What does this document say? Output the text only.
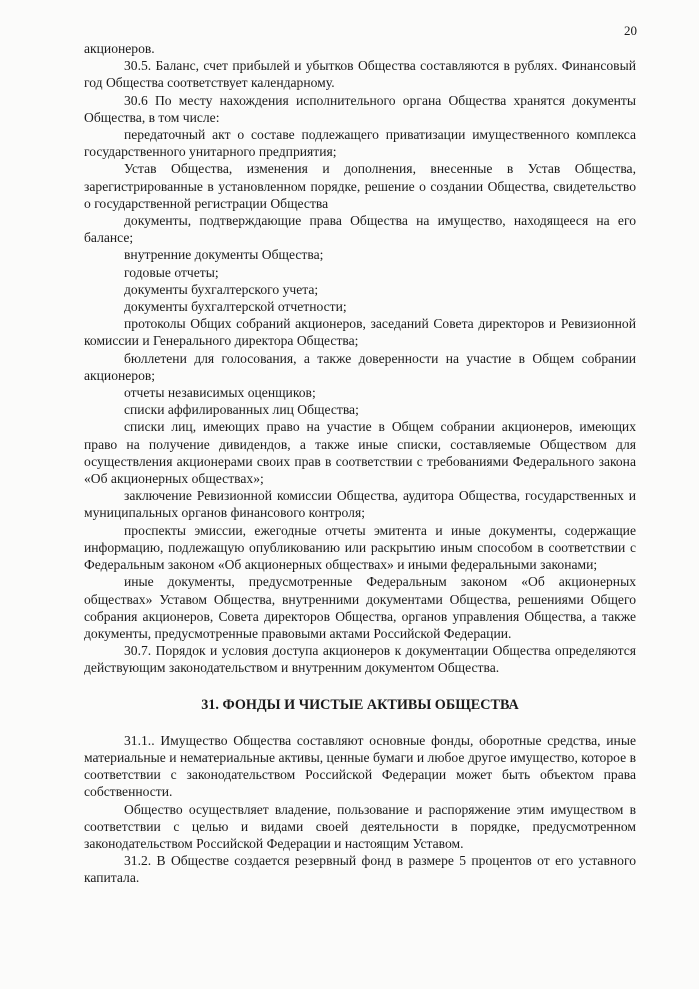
20

акционеров.

30.5. Баланс, счет прибылей и убытков Общества составляются в рублях. Финансовый год Общества соответствует календарному.

30.6 По месту нахождения исполнительного органа Общества хранятся документы Общества, в том числе:

передаточный акт о составе подлежащего приватизации имущественного комплекса государственного унитарного предприятия;

Устав Общества, изменения и дополнения, внесенные в Устав Общества, зарегистрированные в установленном порядке, решение о создании Общества, свидетельство о государственной регистрации Общества

документы, подтверждающие права Общества на имущество, находящееся на его балансе;

внутренние документы Общества;

годовые отчеты;

документы бухгалтерского учета;

документы бухгалтерской отчетности;

протоколы Общих собраний акционеров, заседаний Совета директоров и Ревизионной комиссии и Генерального директора Общества;

бюллетени для голосования, а также доверенности на участие в Общем собрании акционеров;

отчеты независимых оценщиков;

списки аффилированных лиц Общества;

списки лиц, имеющих право на участие в Общем собрании акционеров, имеющих право на получение дивидендов, а также иные списки, составляемые Обществом для осуществления акционерами своих прав в соответствии с требованиями Федерального закона «Об акционерных обществах»;

заключение Ревизионной комиссии Общества, аудитора Общества, государственных и муниципальных органов финансового контроля;

проспекты эмиссии, ежегодные отчеты эмитента и иные документы, содержащие информацию, подлежащую опубликованию или раскрытию иным способом в соответствии с Федеральным законом «Об акционерных обществах» и иными федеральными законами;

иные документы, предусмотренные Федеральным законом «Об акционерных обществах» Уставом Общества, внутренними документами Общества, решениями Общего собрания акционеров, Совета директоров Общества, органов управления Общества, а также документы, предусмотренные правовыми актами Российской Федерации.

30.7. Порядок и условия доступа акционеров к документации Общества определяются действующим законодательством и внутренним документом Общества.

31. ФОНДЫ И ЧИСТЫЕ АКТИВЫ ОБЩЕСТВА

31.1.. Имущество Общества составляют основные фонды, оборотные средства, иные материальные и нематериальные активы, ценные бумаги и любое другое имущество, которое в соответствии с законодательством Российской Федерации может быть объектом права собственности.

Общество осуществляет владение, пользование и распоряжение этим имуществом в соответствии с целью и видами своей деятельности в порядке, предусмотренном законодательством Российской Федерации и настоящим Уставом.

31.2. В Обществе создается резервный фонд в размере 5 процентов от его уставного капитала.
